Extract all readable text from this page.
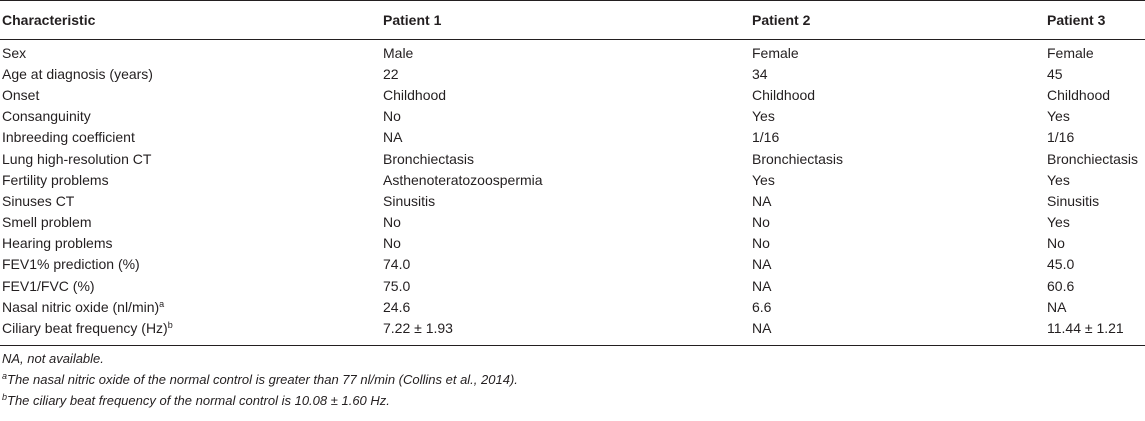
Characteristic	Patient 1	Patient 2	Patient 3
Sex	Male	Female	Female
Age at diagnosis (years)	22	34	45
Onset	Childhood	Childhood	Childhood
Consanguinity	No	Yes	Yes
Inbreeding coefficient	NA	1/16	1/16
Lung high-resolution CT	Bronchiectasis	Bronchiectasis	Bronchiectasis
Fertility problems	Asthenoteratozoospermia	Yes	Yes
Sinuses CT	Sinusitis	NA	Sinusitis
Smell problem	No	No	Yes
Hearing problems	No	No	No
FEV1% prediction (%)	74.0	NA	45.0
FEV1/FVC (%)	75.0	NA	60.6
Nasal nitric oxide $(nl/\min)^a$	24.6	6.6	NA
Ciliary beat frequency $(Hz)^b$	7.22 ± 1.93	NA	11.44 ± 1.21
NA, not available.
$^a$The nasal nitric oxide of the normal control is greater than 77 nl/min (Collins et al., 2014).
$^b$The ciliary beat frequency of the normal control is 10.08 ± 1.60 Hz.
